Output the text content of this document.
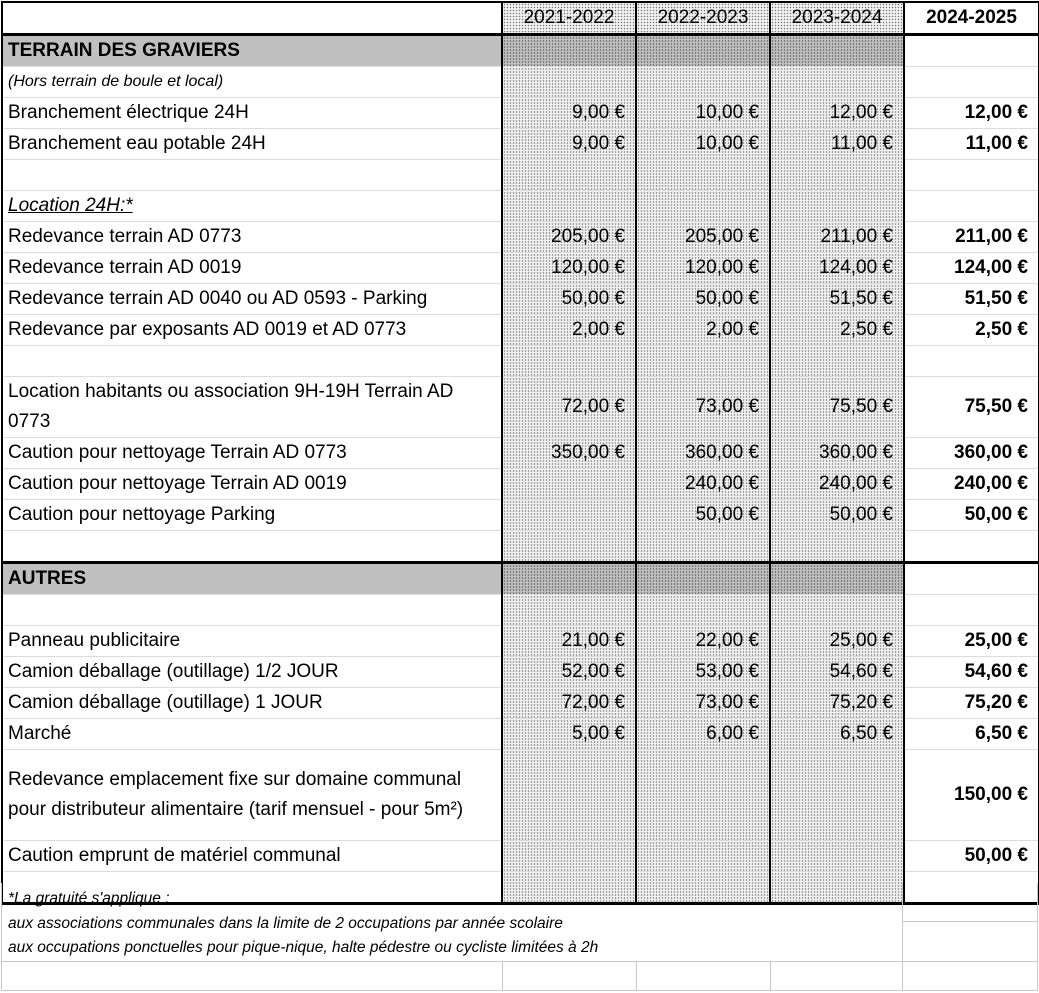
	2021-2022	2022-2023	2023-2024	2024-2025
TERRAIN DES GRAVIERS				
(Hors terrain de boule et local)				
Branchement électrique 24H	9,00 €	10,00 €	12,00 €	12,00 €
Branchement eau potable 24H	9,00 €	10,00 €	11,00 €	11,00 €

Location 24H:*				
Redevance terrain AD 0773	205,00 €	205,00 €	211,00 €	211,00 €
Redevance terrain AD 0019	120,00 €	120,00 €	124,00 €	124,00 €
Redevance terrain AD 0040 ou AD 0593 - Parking	50,00 €	50,00 €	51,50 €	51,50 €
Redevance par exposants AD 0019 et AD 0773	2,00 €	2,00 €	2,50 €	2,50 €

Location habitants ou association 9H-19H Terrain AD 0773	72,00 €	73,00 €	75,50 €	75,50 €
Caution pour nettoyage Terrain AD 0773	350,00 €	360,00 €	360,00 €	360,00 €
Caution pour nettoyage Terrain AD 0019		240,00 €	240,00 €	240,00 €
Caution pour nettoyage Parking		50,00 €	50,00 €	50,00 €

AUTRES				

Panneau publicitaire	21,00 €	22,00 €	25,00 €	25,00 €
Camion déballage (outillage) 1/2 JOUR	52,00 €	53,00 €	54,60 €	54,60 €
Camion déballage (outillage) 1 JOUR	72,00 €	73,00 €	75,20 €	75,20 €
Marché	5,00 €	6,00 €	6,50 €	6,50 €
Redevance emplacement fixe sur domaine communal pour distributeur alimentaire (tarif mensuel - pour 5m²)				150,00 €
Caution emprunt de matériel communal				50,00 €

*La gratuité s'applique :
aux associations communales dans la limite de 2 occupations par année scolaire
aux occupations ponctuelles pour pique-nique, halte pédestre ou cycliste limitées à 2h
